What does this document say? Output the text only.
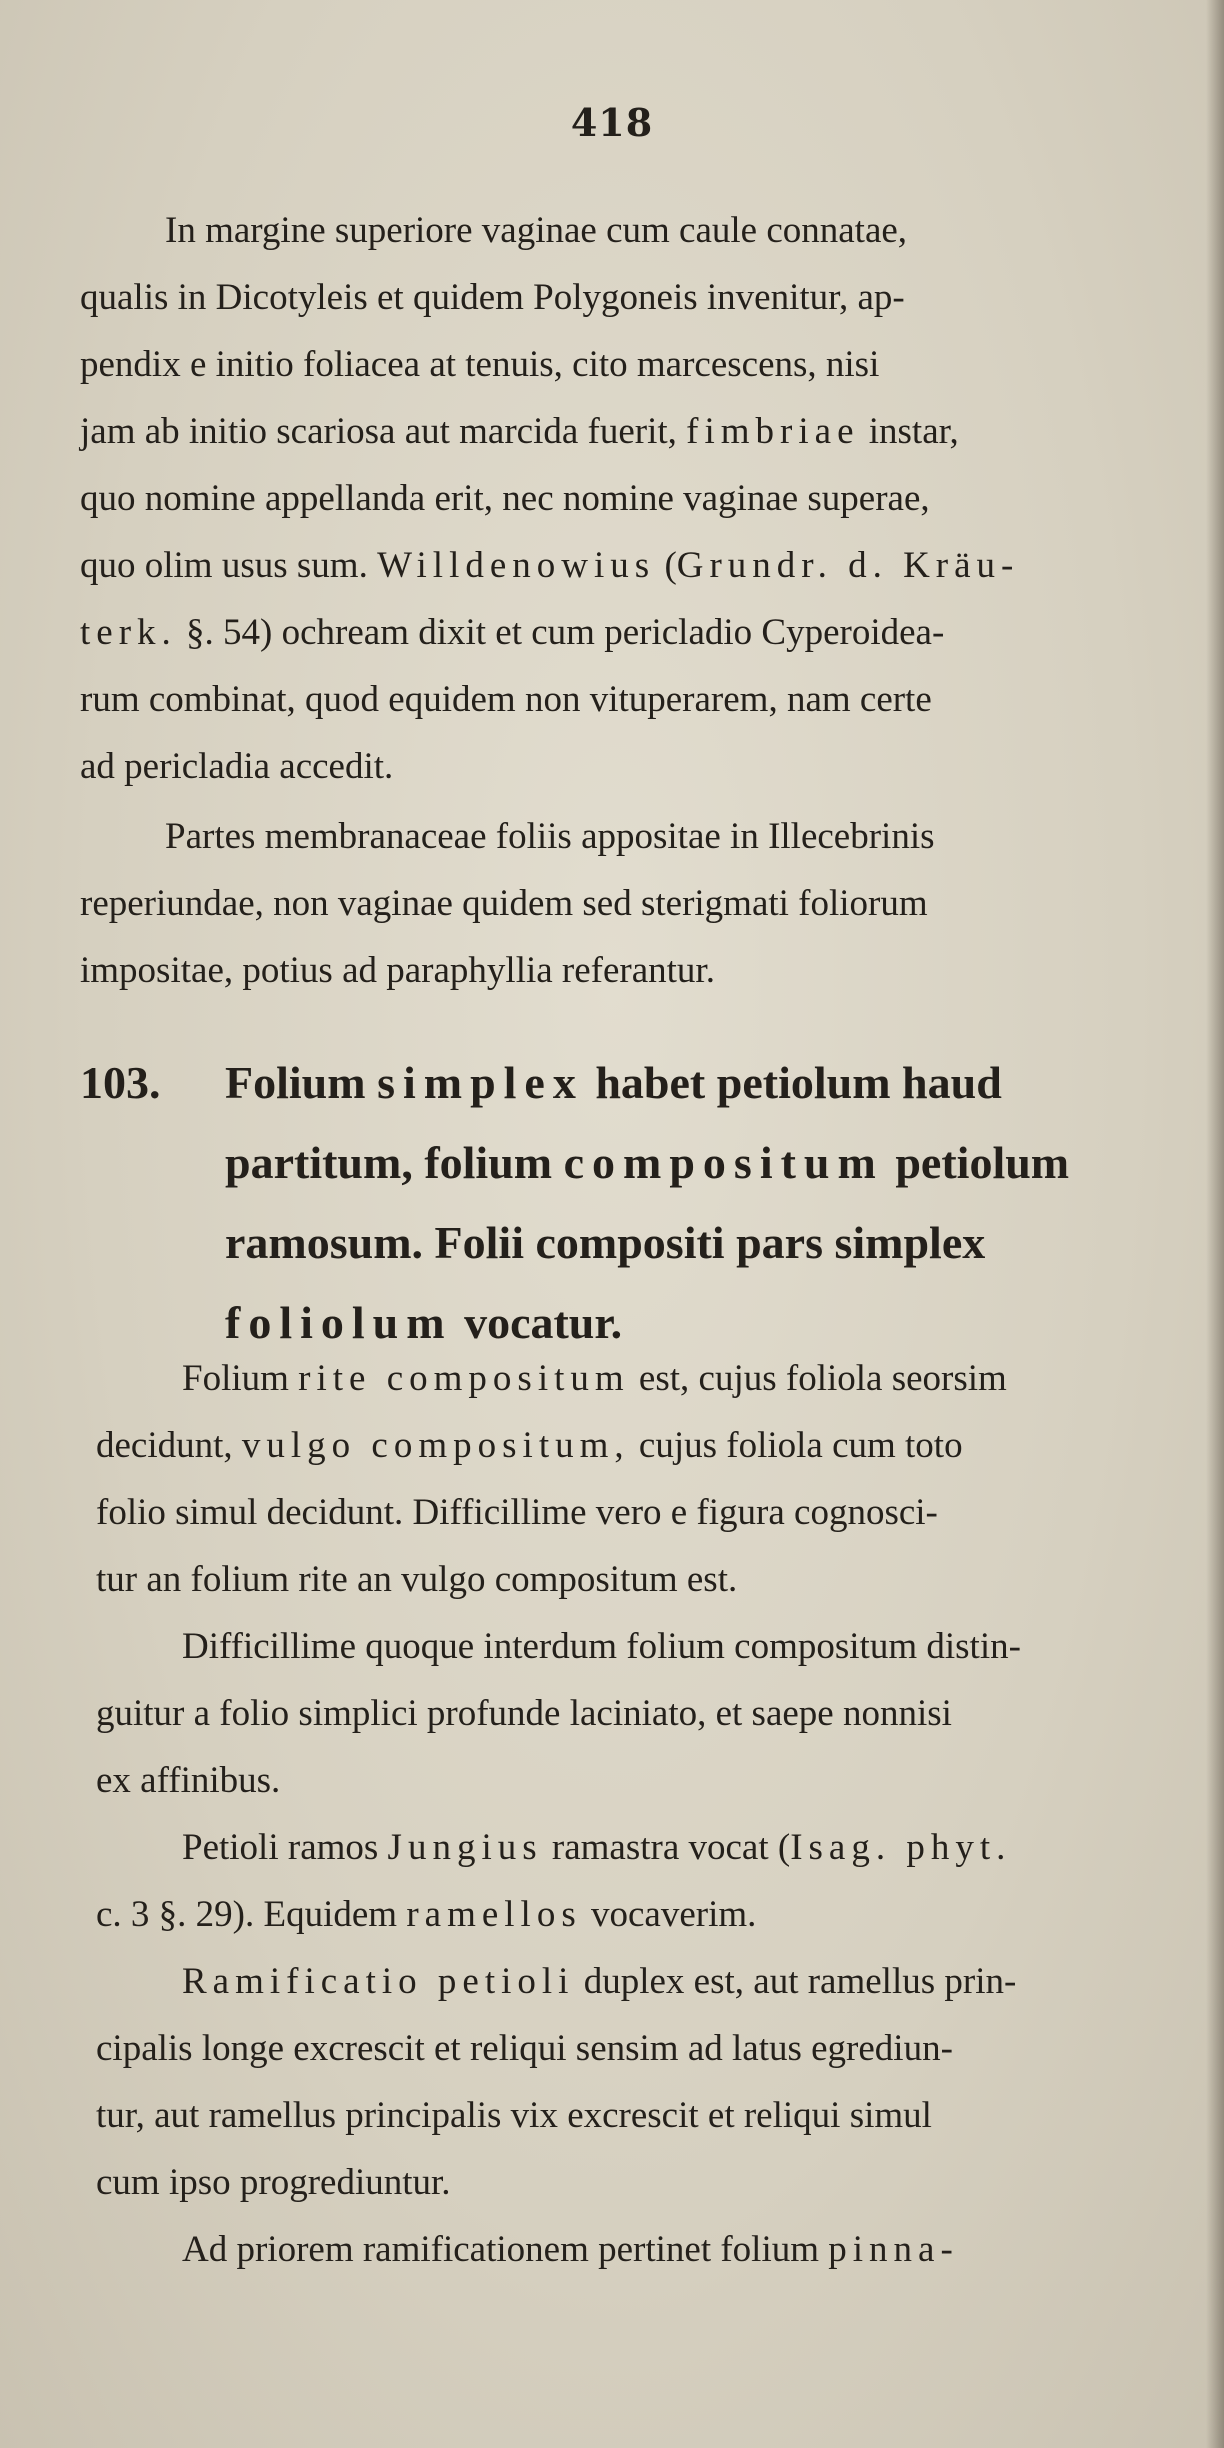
418
In margine superiore vaginae cum caule connatae,
qualis in Dicotyleis et quidem Polygoneis invenitur, ap-
pendix e initio foliacea at tenuis, cito marcescens, nisi
jam ab initio scariosa aut marcida fuerit, fimbriae instar,
quo nomine appellanda erit, nec nomine vaginae superae,
quo olim usus sum. Willdenowius (Grundr. d. Kräu-
terk. §. 54) ochream dixit et cum pericladio Cyperoidea-
rum combinat, quod equidem non vituperarem, nam certe
ad pericladia accedit.
Partes membranaceae foliis appositae in Illecebrinis
reperiundae, non vaginae quidem sed sterigmati foliorum
impositae, potius ad paraphyllia referantur.
103. Folium simplex habet petiolum haud
partitum, folium compositum petiolum
ramosum. Folii compositi pars simplex
foliolum vocatur.
Folium rite compositum est, cujus foliola seorsim
decidunt, vulgo compositum, cujus foliola cum toto
folio simul decidunt. Difficillime vero e figura cognosci-
tur an folium rite an vulgo compositum est.
Difficillime quoque interdum folium compositum distin-
guitur a folio simplici profunde laciniato, et saepe nonnisi
ex affinibus.
Petioli ramos Jungius ramastra vocat (Isag. phyt.
c. 3 §. 29). Equidem ramellos vocaverim.
Ramificatio petioli duplex est, aut ramellus prin-
cipalis longe excrescit et reliqui sensim ad latus egrediun-
tur, aut ramellus principalis vix excrescit et reliqui simul
cum ipso progrediuntur.
Ad priorem ramificationem pertinet folium pinna-
